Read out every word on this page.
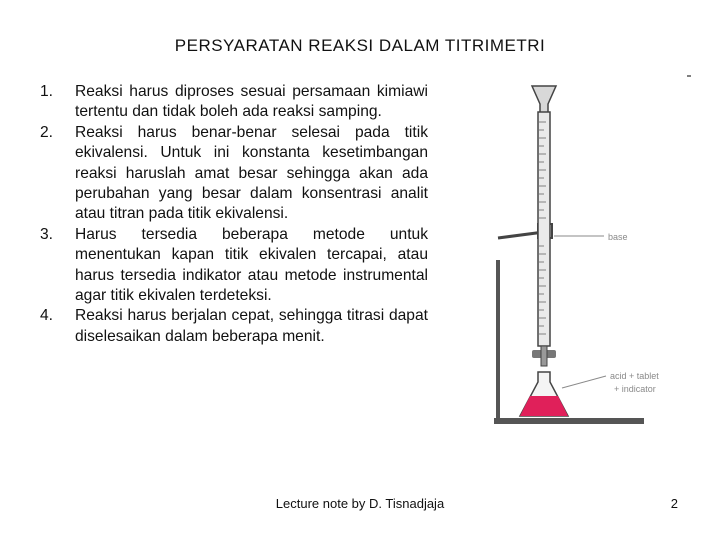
PERSYARATAN REAKSI DALAM TITRIMETRI
1. Reaksi harus diproses sesuai persamaan kimiawi tertentu dan tidak boleh ada reaksi samping.
2. Reaksi harus benar-benar selesai pada titik ekivalensi. Untuk ini konstanta kesetimbangan reaksi haruslah amat besar sehingga akan ada perubahan yang besar dalam konsentrasi analit atau titran pada titik ekivalensi.
3. Harus tersedia beberapa metode untuk menentukan kapan titik ekivalen tercapai, atau harus tersedia indikator atau metode instrumental agar titik ekivalen terdeteksi.
4. Reaksi harus berjalan cepat, sehingga titrasi dapat diselesaikan dalam beberapa menit.
base
acid + tablet
+ indicator
Lecture note by D. Tisnadjaja	2
